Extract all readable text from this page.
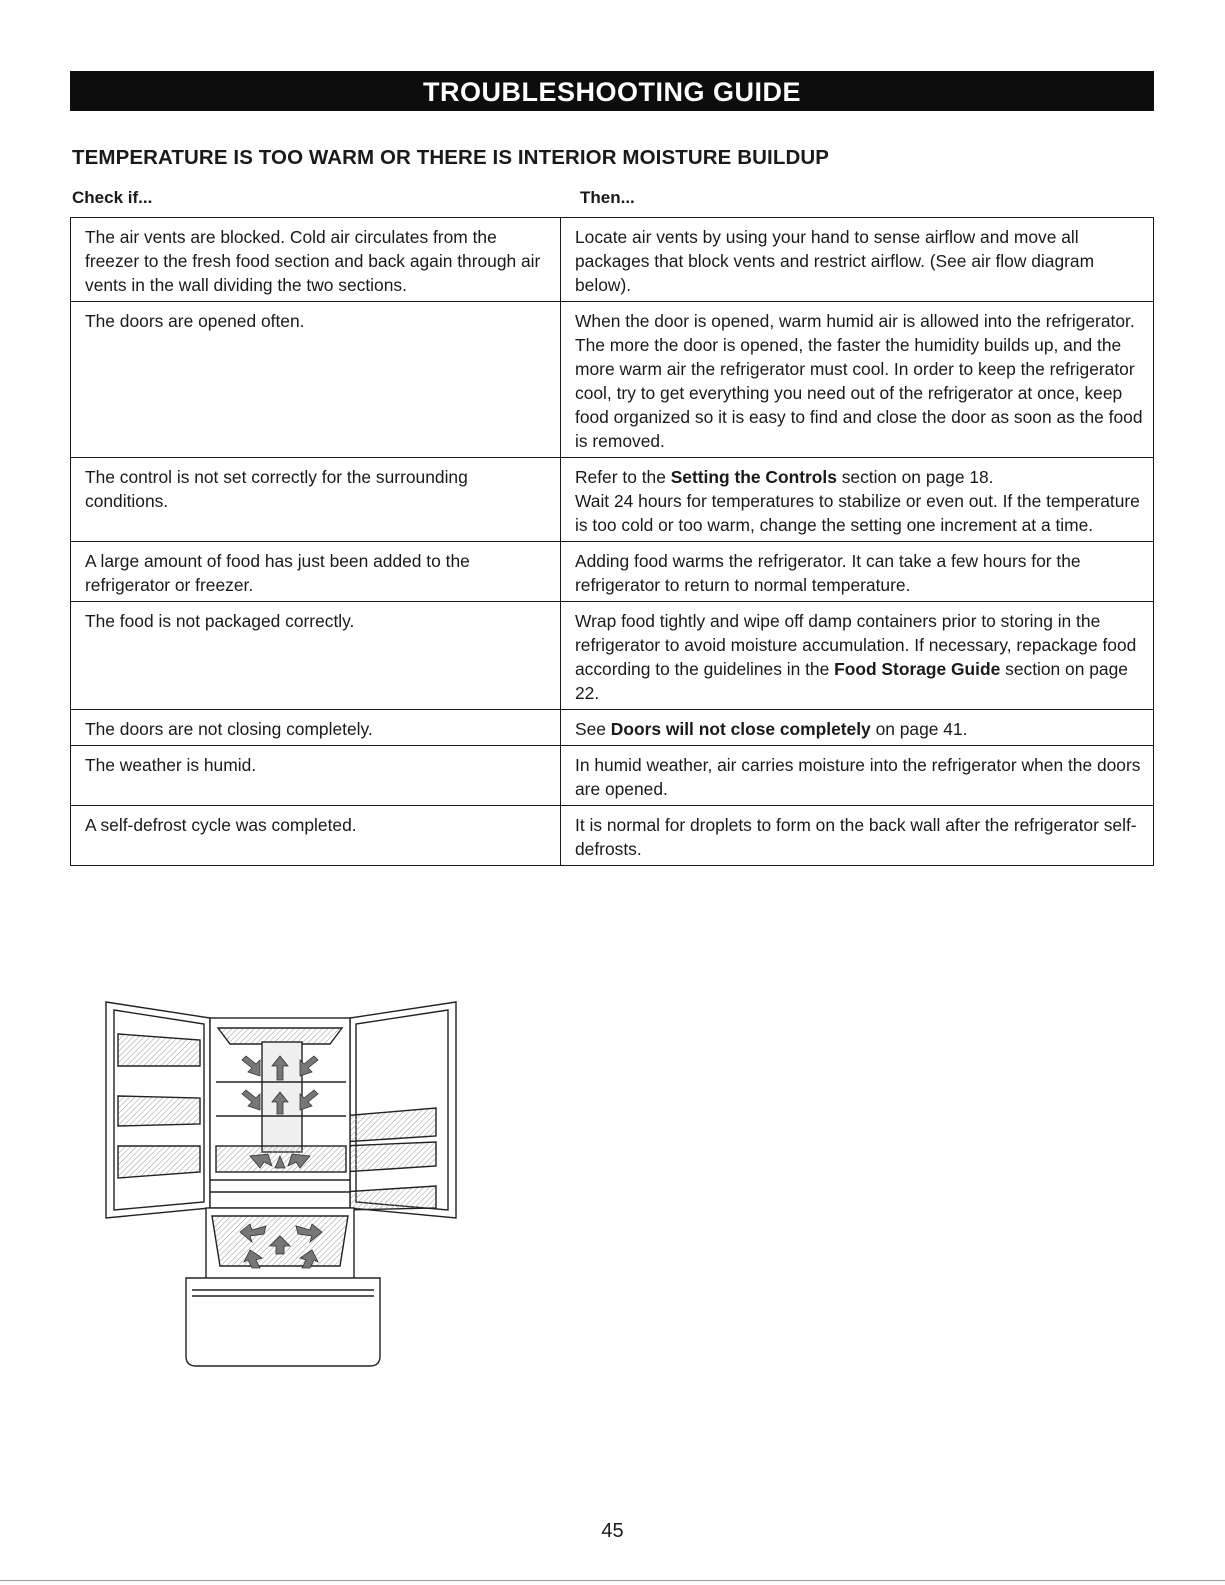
TROUBLESHOOTING GUIDE
TEMPERATURE IS TOO WARM OR THERE IS INTERIOR MOISTURE BUILDUP
Check if...	Then...
The air vents are blocked. Cold air circulates from the freezer to the fresh food section and back again through air vents in the wall dividing the two sections.	Locate air vents by using your hand to sense airflow and move all packages that block vents and restrict airflow. (See air flow diagram below).

The doors are opened often.	When the door is opened, warm humid air is allowed into the refrigerator. The more the door is opened, the faster the humidity builds up, and the more warm air the refrigerator must cool. In order to keep the refrigerator cool, try to get everything you need out of the refrigerator at once, keep food organized so it is easy to find and close the door as soon as the food is removed.

The control is not set correctly for the surrounding conditions.	Refer to the Setting the Controls section on page 18.
Wait 24 hours for temperatures to stabilize or even out. If the temperature is too cold or too warm, change the setting one increment at a time.

A large amount of food has just been added to the refrigerator or freezer.	Adding food warms the refrigerator. It can take a few hours for the refrigerator to return to normal temperature.

The food is not packaged correctly.	Wrap food tightly and wipe off damp containers prior to storing in the refrigerator to avoid moisture accumulation. If necessary, repackage food according to the guidelines in the Food Storage Guide section on page 22.

The doors are not closing completely.	See Doors will not close completely on page 41.

The weather is humid.	In humid weather, air carries moisture into the refrigerator when the doors are opened.

A self-defrost cycle was completed.	It is normal for droplets to form on the back wall after the refrigerator self-defrosts.
45
